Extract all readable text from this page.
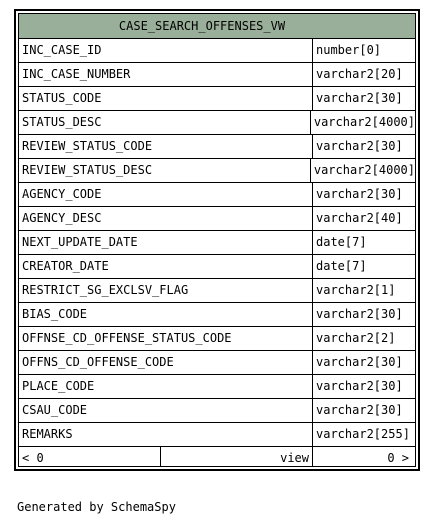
CASE_SEARCH_OFFENSES_VW
INC_CASE_ID	number[0]
INC_CASE_NUMBER	varchar2[20]
STATUS_CODE	varchar2[30]
STATUS_DESC	varchar2[4000]
REVIEW_STATUS_CODE	varchar2[30]
REVIEW_STATUS_DESC	varchar2[4000]
AGENCY_CODE	varchar2[30]
AGENCY_DESC	varchar2[40]
NEXT_UPDATE_DATE	date[7]
CREATOR_DATE	date[7]
RESTRICT_SG_EXCLSV_FLAG	varchar2[1]
BIAS_CODE	varchar2[30]
OFFNSE_CD_OFFENSE_STATUS_CODE	varchar2[2]
OFFNS_CD_OFFENSE_CODE	varchar2[30]
PLACE_CODE	varchar2[30]
CSAU_CODE	varchar2[30]
REMARKS	varchar2[255]
< 0	view	0 >
Generated by SchemaSpy
